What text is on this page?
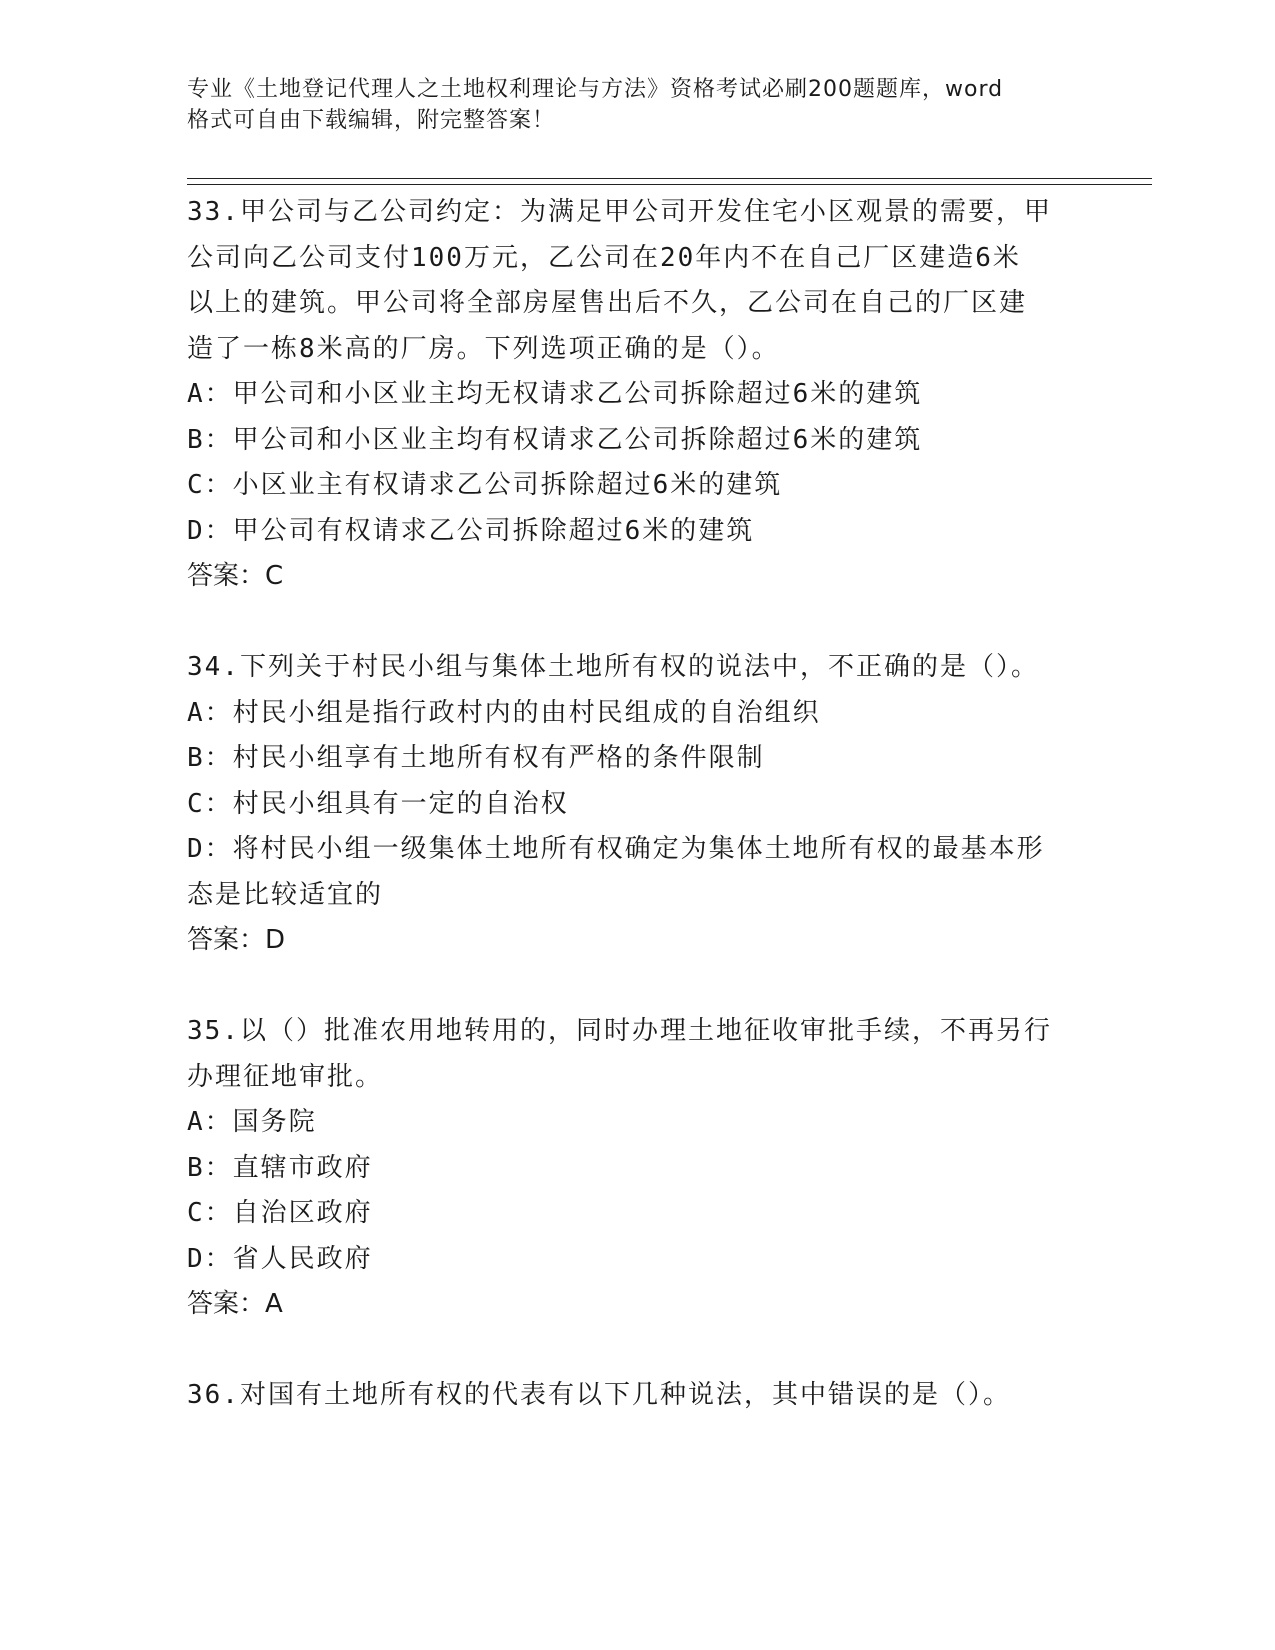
专业《土地登记代理人之土地权利理论与方法》资格考试必刷200题题库，word
格式可自由下载编辑，附完整答案！
33.甲公司与乙公司约定：为满足甲公司开发住宅小区观景的需要，甲
公司向乙公司支付100万元，乙公司在20年内不在自己厂区建造6米
以上的建筑。甲公司将全部房屋售出后不久，乙公司在自己的厂区建
造了一栋8米高的厂房。下列选项正确的是（）。
A：甲公司和小区业主均无权请求乙公司拆除超过6米的建筑
B：甲公司和小区业主均有权请求乙公司拆除超过6米的建筑
C：小区业主有权请求乙公司拆除超过6米的建筑
D：甲公司有权请求乙公司拆除超过6米的建筑
答案：C
34.下列关于村民小组与集体土地所有权的说法中，不正确的是（）。
A：村民小组是指行政村内的由村民组成的自治组织
B：村民小组享有土地所有权有严格的条件限制
C：村民小组具有一定的自治权
D：将村民小组一级集体土地所有权确定为集体土地所有权的最基本形
态是比较适宜的
答案：D
35.以（）批准农用地转用的，同时办理土地征收审批手续，不再另行
办理征地审批。
A：国务院
B：直辖市政府
C：自治区政府
D：省人民政府
答案：A
36.对国有土地所有权的代表有以下几种说法，其中错误的是（）。
